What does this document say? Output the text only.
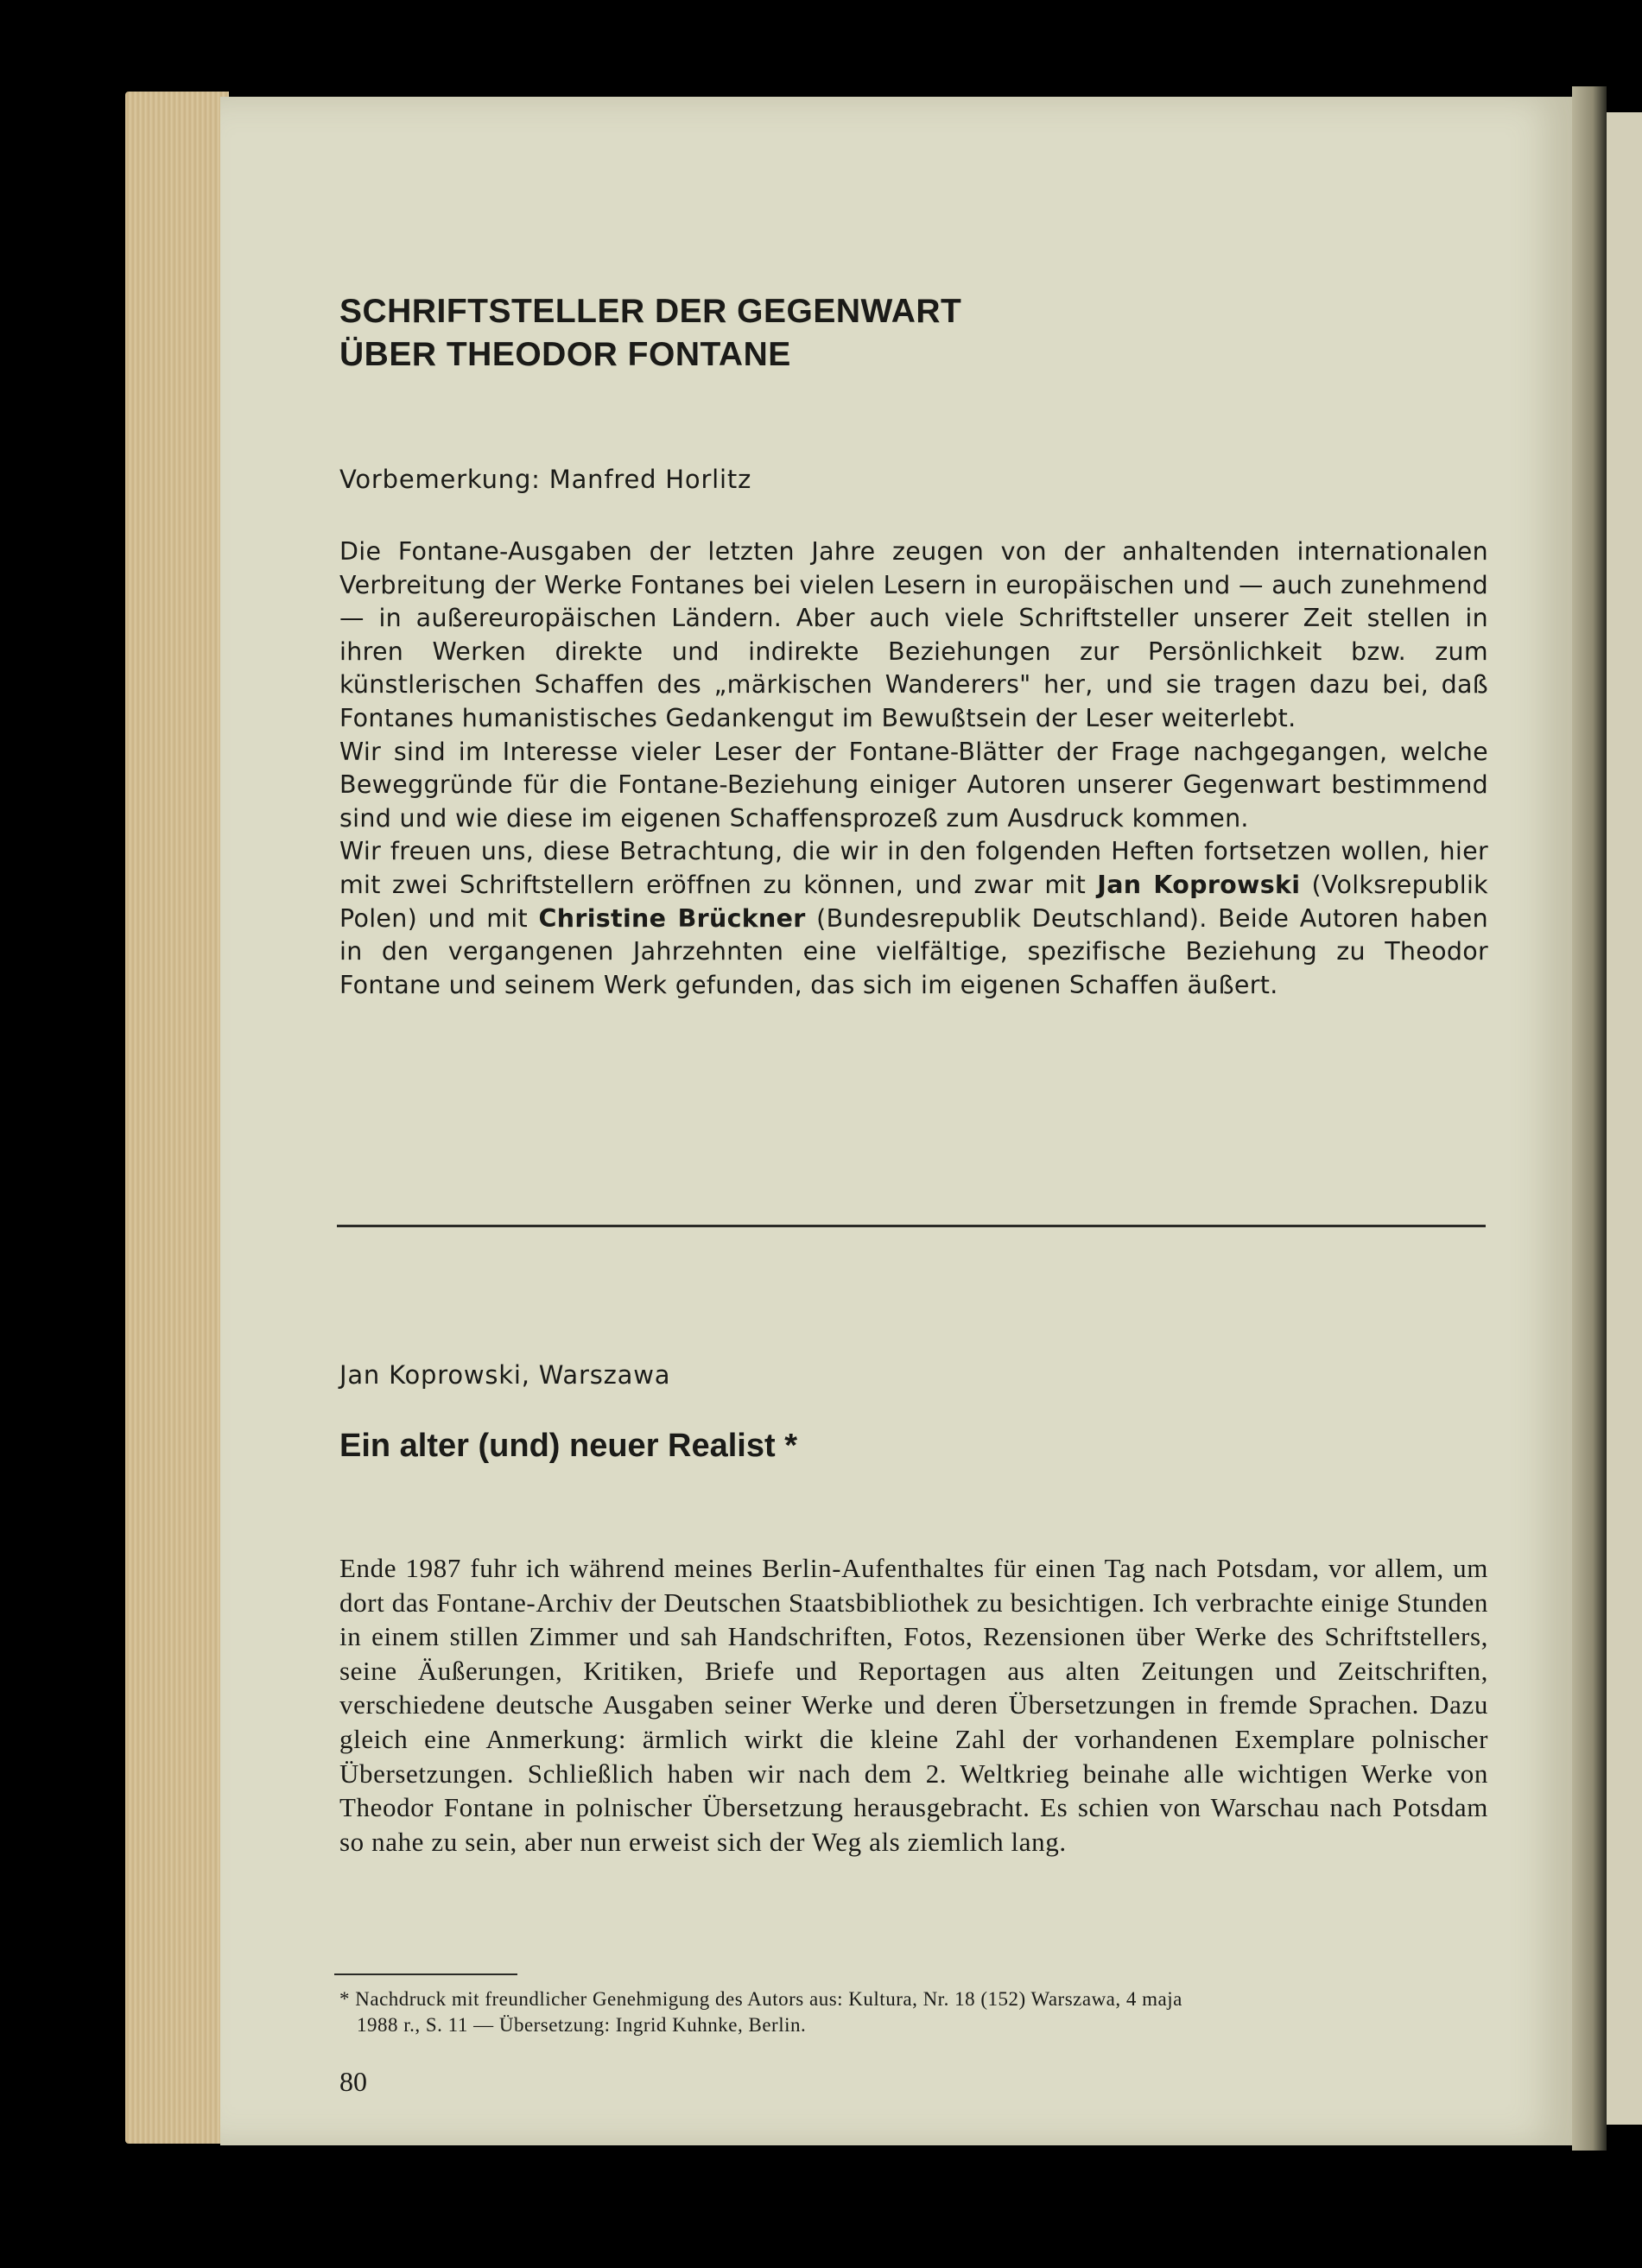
SCHRIFTSTELLER DER GEGENWART
ÜBER THEODOR FONTANE
Vorbemerkung: Manfred Horlitz

Die Fontane-Ausgaben der letzten Jahre zeugen von der anhaltenden internationalen Verbreitung der Werke Fontanes bei vielen Lesern in europäischen und — auch zunehmend — in außereuropäischen Ländern. Aber auch viele Schriftsteller unserer Zeit stellen in ihren Werken direkte und indirekte Beziehungen zur Persönlichkeit bzw. zum künstlerischen Schaffen des „märkischen Wanderers" her, und sie tragen dazu bei, daß Fontanes humanistisches Gedankengut im Bewußtsein der Leser weiterlebt.

Wir sind im Interesse vieler Leser der Fontane-Blätter der Frage nachgegangen, welche Beweggründe für die Fontane-Beziehung einiger Autoren unserer Gegenwart bestimmend sind und wie diese im eigenen Schaffensprozeß zum Ausdruck kommen.

Wir freuen uns, diese Betrachtung, die wir in den folgenden Heften fortsetzen wollen, hier mit zwei Schriftstellern eröffnen zu können, und zwar mit Jan Koprowski (Volksrepublik Polen) und mit Christine Brückner (Bundesrepublik Deutschland). Beide Autoren haben in den vergangenen Jahrzehnten eine vielfältige, spezifische Beziehung zu Theodor Fontane und seinem Werk gefunden, das sich im eigenen Schaffen äußert.

Jan Koprowski, Warszawa
Ein alter (und) neuer Realist *

Ende 1987 fuhr ich während meines Berlin-Aufenthaltes für einen Tag nach Potsdam, vor allem, um dort das Fontane-Archiv der Deutschen Staatsbibliothek zu besichtigen. Ich verbrachte einige Stunden in einem stillen Zimmer und sah Handschriften, Fotos, Rezensionen über Werke des Schriftstellers, seine Äußerungen, Kritiken, Briefe und Reportagen aus alten Zeitungen und Zeitschriften, verschiedene deutsche Ausgaben seiner Werke und deren Übersetzungen in fremde Sprachen. Dazu gleich eine Anmerkung: ärmlich wirkt die kleine Zahl der vorhandenen Exemplare polnischer Übersetzungen. Schließlich haben wir nach dem 2. Weltkrieg beinahe alle wichtigen Werke von Theodor Fontane in polnischer Übersetzung herausgebracht. Es schien von Warschau nach Potsdam so nahe zu sein, aber nun erweist sich der Weg als ziemlich lang.

* Nachdruck mit freundlicher Genehmigung des Autors aus: Kultura, Nr. 18 (152) Warszawa, 4 maja
1988 r., S. 11 — Übersetzung: Ingrid Kuhnke, Berlin.
80
